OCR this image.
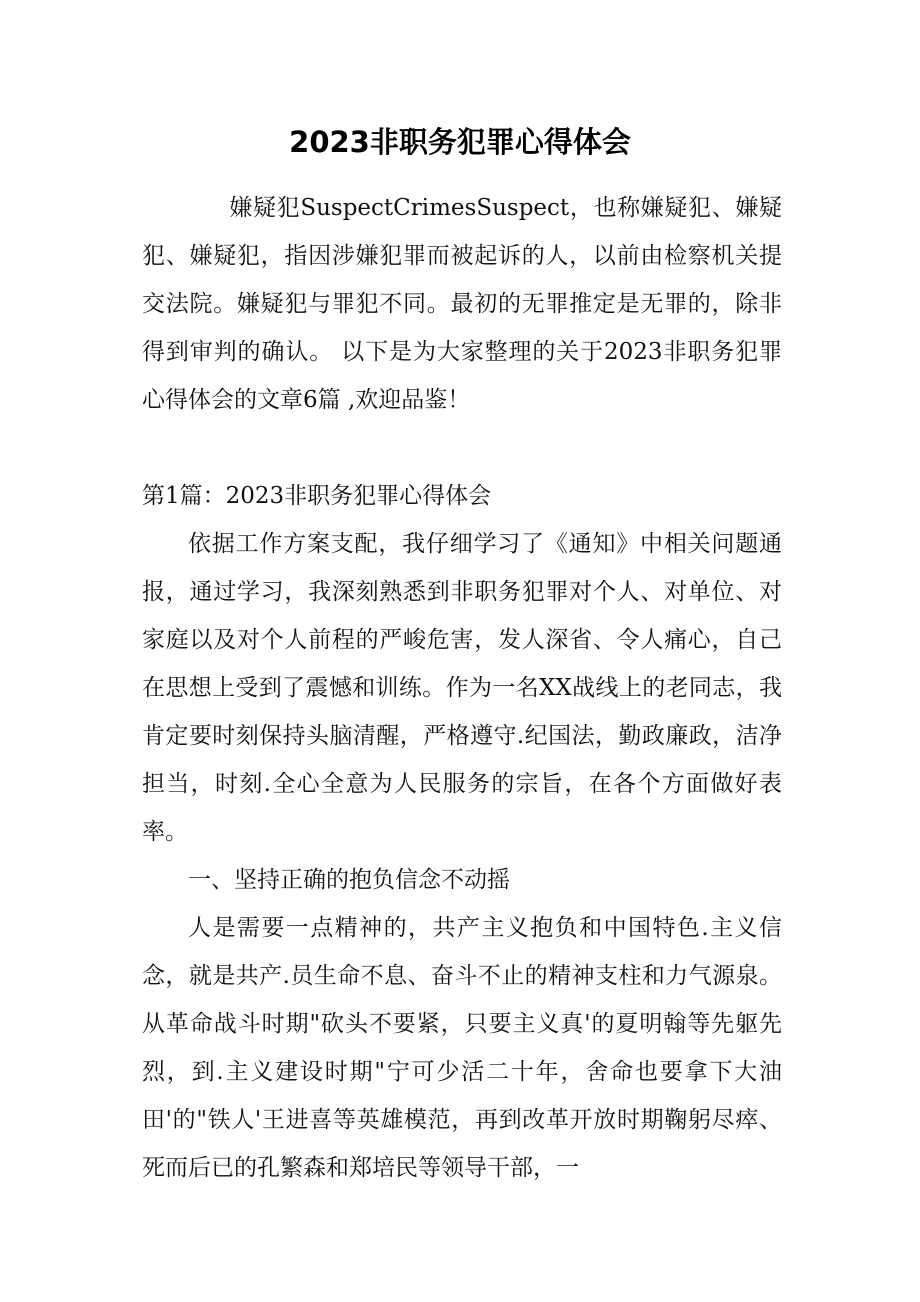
2023非职务犯罪心得体会

嫌疑犯SuspectCrimesSuspect，也称嫌疑犯、嫌疑犯、嫌疑犯，指因涉嫌犯罪而被起诉的人，以前由检察机关提交法院。嫌疑犯与罪犯不同。最初的无罪推定是无罪的，除非得到审判的确认。 以下是为大家整理的关于2023非职务犯罪心得体会的文章6篇 ,欢迎品鉴！

第1篇：2023非职务犯罪心得体会

依据工作方案支配，我仔细学习了《通知》中相关问题通报，通过学习，我深刻熟悉到非职务犯罪对个人、对单位、对家庭以及对个人前程的严峻危害，发人深省、令人痛心，自己在思想上受到了震憾和训练。作为一名XX战线上的老同志，我肯定要时刻保持头脑清醒，严格遵守.纪国法，勤政廉政，洁净担当，时刻.全心全意为人民服务的宗旨，在各个方面做好表率。

一、坚持正确的抱负信念不动摇

人是需要一点精神的，共产主义抱负和中国特色.主义信念，就是共产.员生命不息、奋斗不止的精神支柱和力气源泉。从革命战斗时期"砍头不要紧，只要主义真'的夏明翰等先躯先烈，到.主义建设时期"宁可少活二十年，舍命也要拿下大油田'的"铁人'王进喜等英雄模范，再到改革开放时期鞠躬尽瘁、死而后已的孔繁森和郑培民等领导干部，一
